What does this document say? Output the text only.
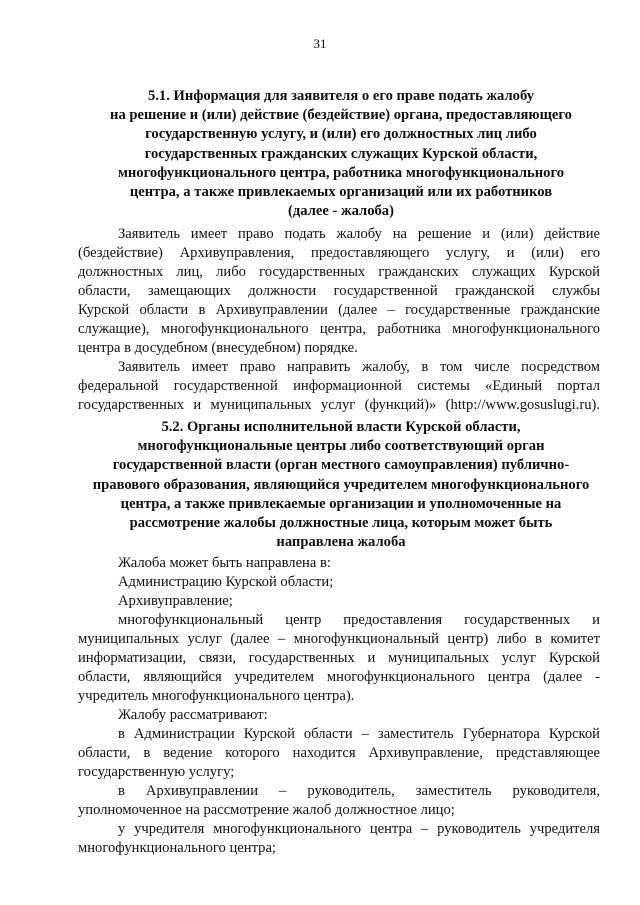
31
5.1. Информация для заявителя о его праве подать жалобу
на решение и (или) действие (бездействие) органа, предоставляющего
государственную услугу, и (или) его должностных лиц либо
государственных гражданских служащих Курской области,
многофункционального центра, работника многофункционального
центра, а также привлекаемых организаций или их работников
(далее - жалоба)
Заявитель имеет право подать жалобу на решение и (или) действие
(бездействие) Архивуправления, предоставляющего услугу, и (или) его
должностных лиц, либо государственных гражданских служащих Курской
области, замещающих должности государственной гражданской службы
Курской области в Архивуправлении (далее – государственные гражданские
служащие), многофункционального центра, работника многофункционального
центра в досудебном (внесудебном) порядке.
Заявитель имеет право направить жалобу, в том числе посредством
федеральной государственной информационной системы «Единый портал
государственных и муниципальных услуг (функций)» (http://www.gosuslugi.ru).
5.2. Органы исполнительной власти Курской области,
многофункциональные центры либо соответствующий орган
государственной власти (орган местного самоуправления) публично-
правового образования, являющийся учредителем многофункционального
центра, а также привлекаемые организации и уполномоченные на
рассмотрение жалобы должностные лица, которым может быть
направлена жалоба
Жалоба может быть направлена в:
Администрацию Курской области;
Архивуправление;
многофункциональный центр предоставления государственных и
муниципальных услуг (далее – многофункциональный центр) либо в комитет
информатизации, связи, государственных и муниципальных услуг Курской
области, являющийся учредителем многофункционального центра (далее -
учредитель многофункционального центра).
Жалобу рассматривают:
в Администрации Курской области – заместитель Губернатора Курской
области, в ведение которого находится Архивуправление, представляющее
государственную услугу;
в Архивуправлении – руководитель, заместитель руководителя,
уполномоченное на рассмотрение жалоб должностное лицо;
у учредителя многофункционального центра – руководитель учредителя
многофункционального центра;
